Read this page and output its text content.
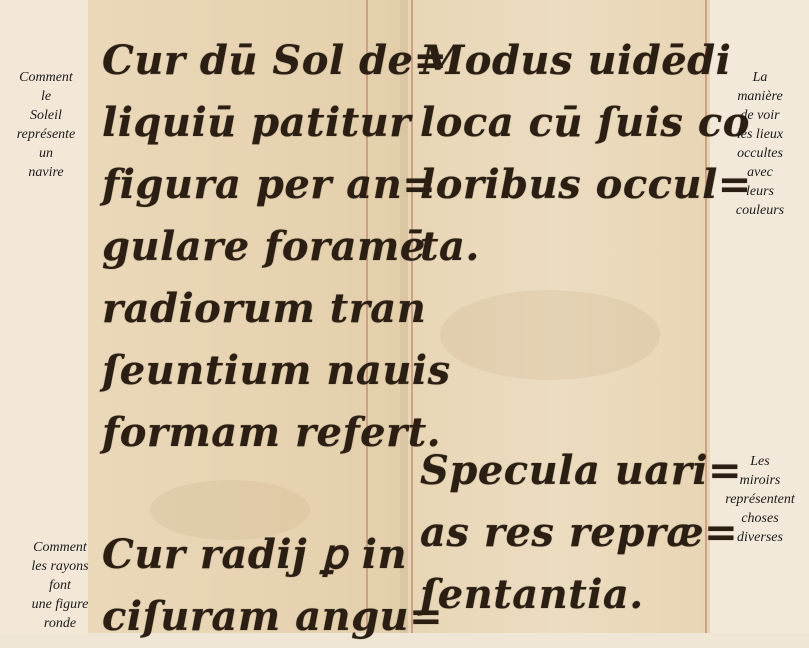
Comment
le
Soleil
représente
un
navire
Comment
les rayons
font
une figure
ronde
Cur dū Sol de=
liquiū patitur
figura per an=
gulare foramē
radiorum tran
ſeuntium nauis
formam refert.
Cur radij ꝑ in
ciſuram angu=
Modus uidēdi
loca cū ſuis co
loribus occul=
ta.
Specula uari=
as res repræ=
ſentantia.
La
manière
de voir
les lieux
occultes
avec
leurs
couleurs
Les
miroirs
représentent
choses
diverses
